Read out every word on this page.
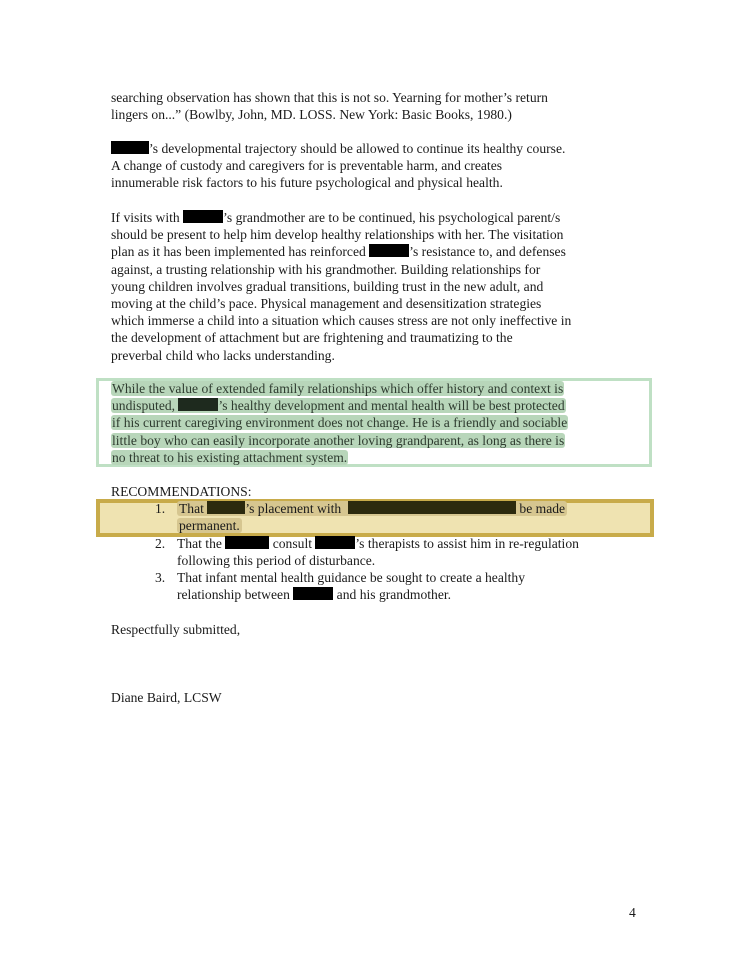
searching observation has shown that this is not so. Yearning for mother’s return
lingers on...” (Bowlby, John, MD. LOSS. New York: Basic Books, 1980.)

’s developmental trajectory should be allowed to continue its healthy course.
A change of custody and caregivers for is preventable harm, and creates
innumerable risk factors to his future psychological and physical health.

If visits with	’s grandmother are to be continued, his psychological parent/s
should be present to help him develop healthy relationships with her. The visitation
plan as it has been implemented has reinforced	’s resistance to, and defenses
against, a trusting relationship with his grandmother. Building relationships for
young children involves gradual transitions, building trust in the new adult, and
moving at the child’s pace. Physical management and desensitization strategies
which immerse a child into a situation which causes stress are not only ineffective in
the development of attachment but are frightening and traumatizing to the
preverbal child who lacks understanding.

While the value of extended family relationships which offer history and context is
undisputed,	’s healthy development and mental health will be best protected
if his current caregiving environment does not change. He is a friendly and sociable
little boy who can easily incorporate another loving grandparent, as long as there is
no threat to his existing attachment system.

RECOMMENDATIONS:

1. That	’s placement with	be made
permanent.
2. That the	consult	’s therapists to assist him in re-regulation
following this period of disturbance.
3. That infant mental health guidance be sought to create a healthy
relationship between	and his grandmother.

Respectfully submitted,

Diane Baird, LCSW

4
